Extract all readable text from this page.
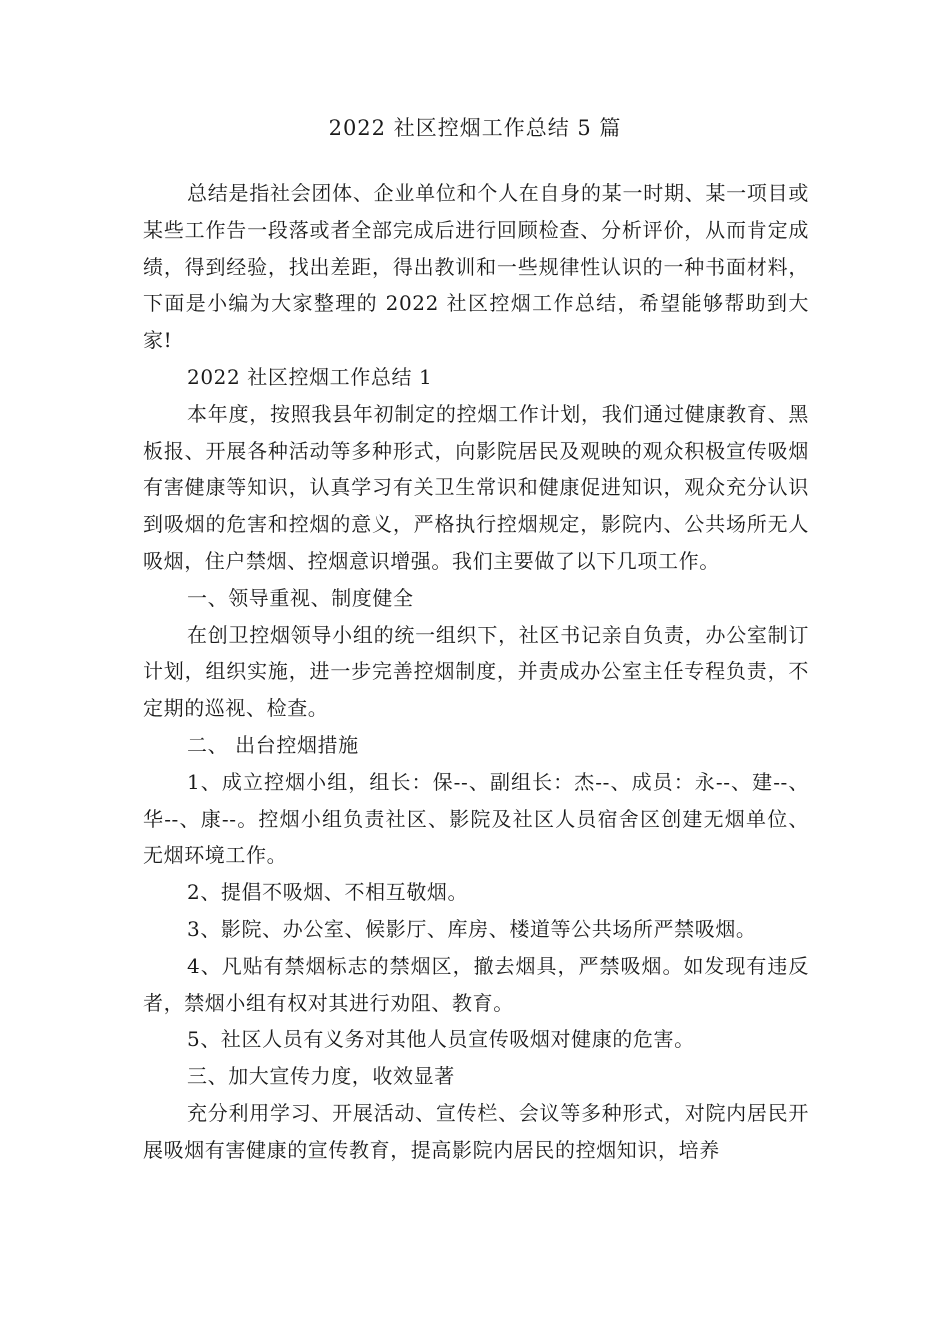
2022 社区控烟工作总结 5 篇

总结是指社会团体、企业单位和个人在自身的某一时期、某一项目或某些工作告一段落或者全部完成后进行回顾检查、分析评价，从而肯定成绩，得到经验，找出差距，得出教训和一些规律性认识的一种书面材料，下面是小编为大家整理的 2022 社区控烟工作总结，希望能够帮助到大家!

2022 社区控烟工作总结 1

本年度，按照我县年初制定的控烟工作计划，我们通过健康教育、黑板报、开展各种活动等多种形式，向影院居民及观映的观众积极宣传吸烟有害健康等知识，认真学习有关卫生常识和健康促进知识，观众充分认识到吸烟的危害和控烟的意义，严格执行控烟规定，影院内、公共场所无人吸烟，住户禁烟、控烟意识增强。我们主要做了以下几项工作。

一、领导重视、制度健全

在创卫控烟领导小组的统一组织下，社区书记亲自负责，办公室制订计划，组织实施，进一步完善控烟制度，并责成办公室主任专程负责，不定期的巡视、检查。

二、 出台控烟措施

1、成立控烟小组，组长：保--、副组长：杰--、成员：永--、建--、华--、康--。控烟小组负责社区、影院及社区人员宿舍区创建无烟单位、无烟环境工作。

2、提倡不吸烟、不相互敬烟。

3、影院、办公室、候影厅、库房、楼道等公共场所严禁吸烟。

4、凡贴有禁烟标志的禁烟区，撤去烟具，严禁吸烟。如发现有违反者，禁烟小组有权对其进行劝阻、教育。

5、社区人员有义务对其他人员宣传吸烟对健康的危害。

三、加大宣传力度，收效显著

充分利用学习、开展活动、宣传栏、会议等多种形式，对院内居民开展吸烟有害健康的宣传教育，提高影院内居民的控烟知识，培养
